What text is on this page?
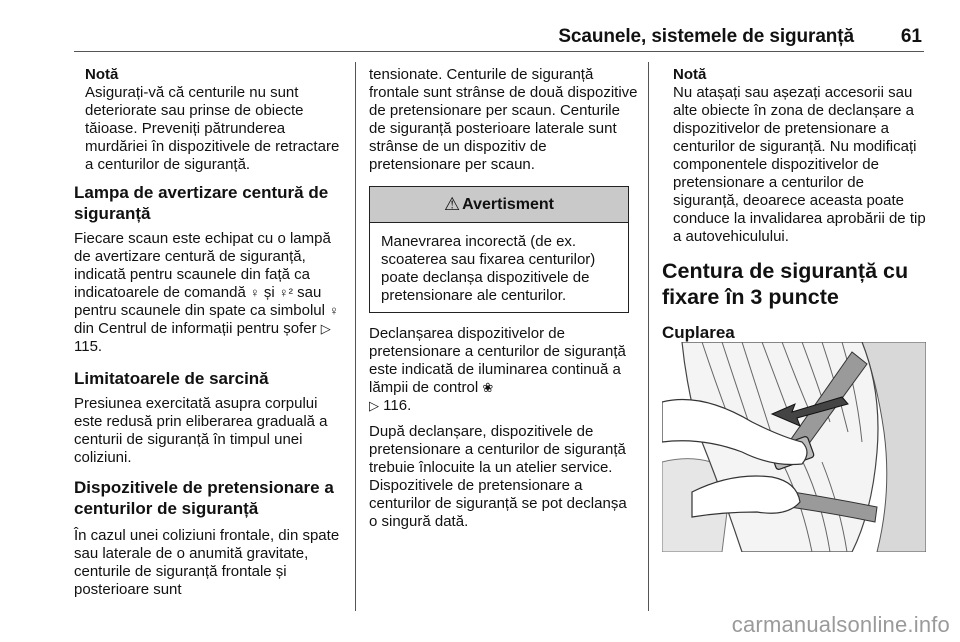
Scaunele, sistemele de siguranță 61
Notă
Asigurați-vă că centurile nu sunt deteriorate sau prinse de obiecte tăioase. Preveniți pătrunderea murdăriei în dispozitivele de retractare a centurilor de siguranță.
Lampa de avertizare centură de siguranță

Fiecare scaun este echipat cu o lampă de avertizare centură de siguranță, indicată pentru scaunele din față ca indicatoarele de comandă ♀ și ♀² sau pentru scaunele din spate ca simbolul ♀ din Centrul de informații pentru șofer ▷ 115.

Limitatoarele de sarcină

Presiunea exercitată asupra corpului este redusă prin eliberarea graduală a centurii de siguranță în timpul unei coliziuni.

Dispozitivele de pretensionare a centurilor de siguranță

În cazul unei coliziuni frontale, din spate sau laterale de o anumită gravitate, centurile de siguranță frontale și posterioare sunt

tensionate. Centurile de siguranță frontale sunt strânse de două dispozitive de pretensionare per scaun. Centurile de siguranță posterioare laterale sunt strânse de un dispozitiv de pretensionare per scaun.

⚠ Avertisment
Manevrarea incorectă (de ex. scoaterea sau fixarea centurilor) poate declanșa dispozitivele de pretensionare ale centurilor.

Declanșarea dispozitivelor de pretensionare a centurilor de siguranță este indicată de iluminarea continuă a lămpii de control ❀
▷ 116.

După declanșare, dispozitivele de pretensionare a centurilor de siguranță trebuie înlocuite la un atelier service. Dispozitivele de pretensionare a centurilor de siguranță se pot declanșa o singură dată.

Notă
Nu atașați sau așezați accesorii sau alte obiecte în zona de declanșare a dispozitivelor de pretensionare a centurilor de siguranță. Nu modificați componentele dispozitivelor de pretensionare a centurilor de siguranță, deoarece aceasta poate conduce la invalidarea aprobării de tip a autovehiculului.
Centura de siguranță cu fixare în 3 puncte
Cuplarea
carmanualsonline.info
